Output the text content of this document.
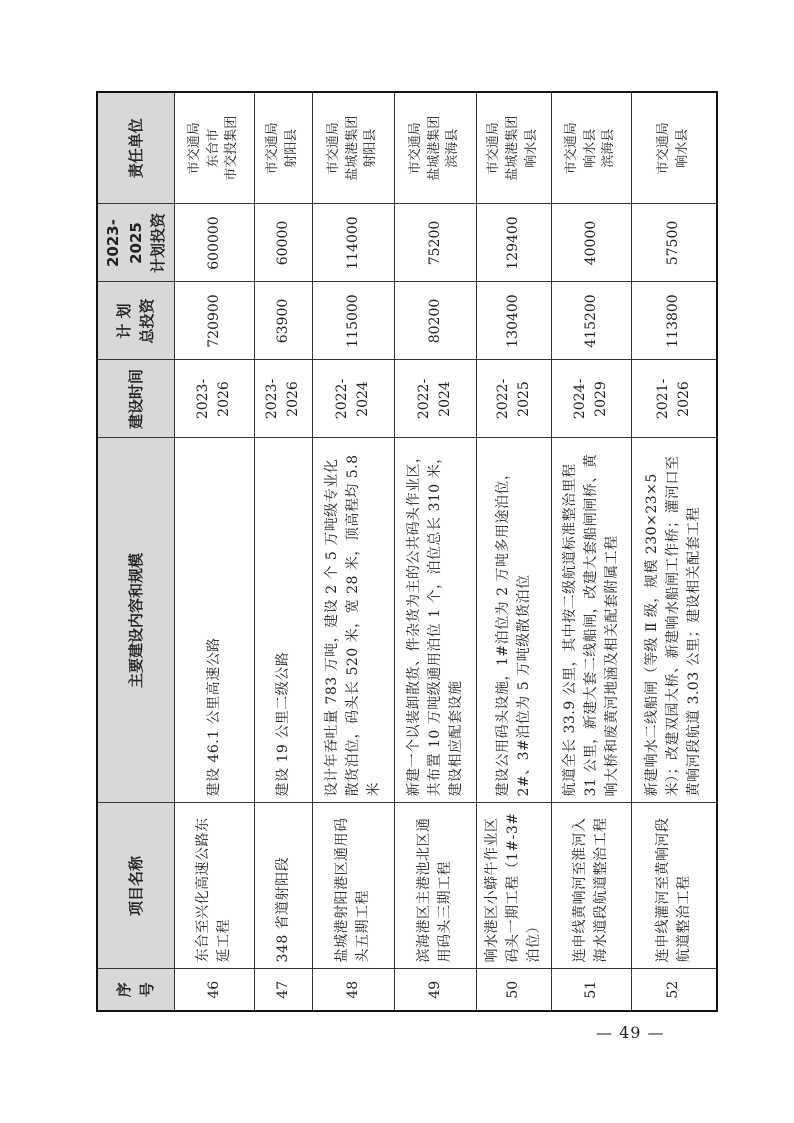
序号	项目名称	主要建设内容和规模	建设时间	计 划 总投资	2023-2025 计划投资	责任单位
46	东台至兴化高速公路东延工程	建设 46.1 公里高速公路	2023-2026	720900	600000	市交通局 东台市 市交投集团

47	348 省道射阳段	建设 19 公里二级公路	2023-2026	63900	60000	市交通局 射阳县

48	盐城港射阳港区通用码头五期工程	设计年吞吐量 783 万吨，建设 2 个 5 万吨级专业化散货泊位，码头长 520 米，宽 28 米，顶高程均 5.8 米	2022-2024	115000	114000	市交通局 盐城港集团 射阳县

49	滨海港区主港池北区通用码头三期工程	新建一个以装卸散货、件杂货为主的公共码头作业区，共布置 10 万吨级通用泊位 1 个，泊位总长 310 米，建设相应配套设施	2022-2024	80200	75200	市交通局 盐城港集团 滨海县

50	响水港区小蟒牛作业区码头一期工程（1#-3#泊位）	建设公用码头设施，1#泊位为 2 万吨多用途泊位，2#、3#泊位为 5 万吨级散货泊位	2022-2025	130400	129400	市交通局 盐城港集团 响水县

51	连申线黄响河至淮河入海水道段航道整治工程	航道全长 33.9 公里，其中按二级航道标准整治里程 31 公里，新建大套二线船闸，改建大套船闸闸桥、黄响大桥和废黄河地涵及相关配套附属工程	2024-2029	415200	40000	市交通局 响水县 滨海县

52	连申线灌河至黄响河段航道整治工程	新建响水二线船闸（等级 Ⅱ 级，规模 230×23×5 米）；改建双园大桥、新建响水船闸工作桥；灌河口至黄响河段航道 3.03 公里；建设相关配套工程	2021-2026	113800	57500	市交通局 响水县
— 49 —
